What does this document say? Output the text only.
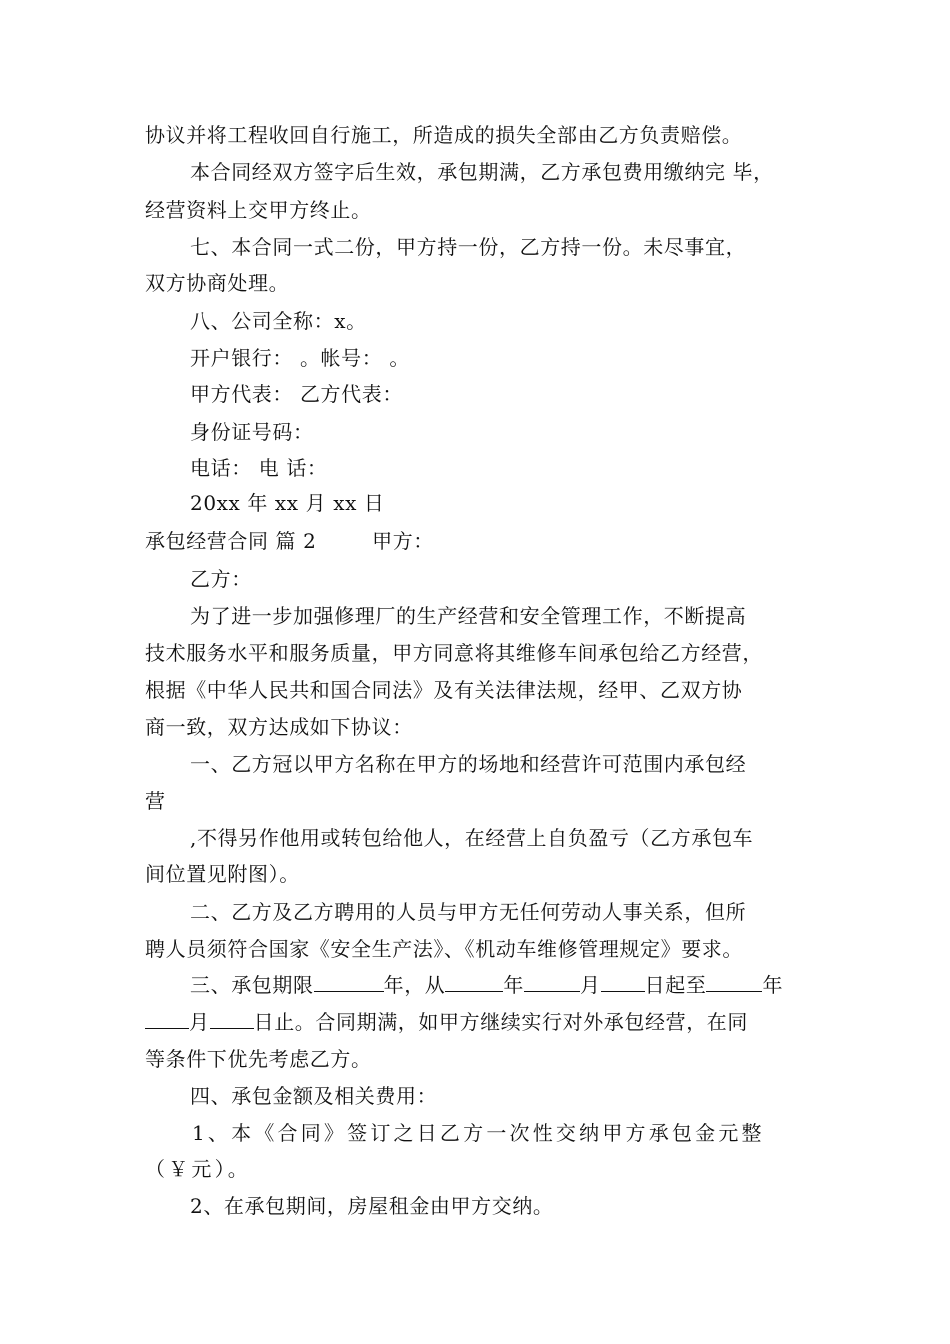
协议并将工程收回自行施工，所造成的损失全部由乙方负责赔偿。
本合同经双方签字后生效，承包期满，乙方承包费用缴纳完 毕，
经营资料上交甲方终止。
七、本合同一式二份，甲方持一份，乙方持一份。未尽事宜，
双方协商处理。
八、公司全称：x。
开户银行： 。帐号： 。
甲方代表： 乙方代表：
身份证号码：
电话： 电 话：
20xx 年 xx 月 xx 日
承包经营合同 篇 2        甲方：
乙方：
为了进一步加强修理厂的生产经营和安全管理工作，不断提高
技术服务水平和服务质量，甲方同意将其维修车间承包给乙方经营，
根据《中华人民共和国合同法》及有关法律法规，经甲、乙双方协
商一致，双方达成如下协议：
一、乙方冠以甲方名称在甲方的场地和经营许可范围内承包经
营
,不得另作他用或转包给他人，在经营上自负盈亏（乙方承包车
间位置见附图）。
二、乙方及乙方聘用的人员与甲方无任何劳动人事关系，但所
聘人员须符合国家《安全生产法》、《机动车维修管理规定》要求。
三、承包期限	年，从	年	月 日起至	年
月 日止。合同期满，如甲方继续实行对外承包经营，在同
等条件下优先考虑乙方。
四、承包金额及相关费用：
1、本《合同》签订之日乙方一次性交纳甲方承包金元整
（￥元）。
2、在承包期间，房屋租金由甲方交纳。
